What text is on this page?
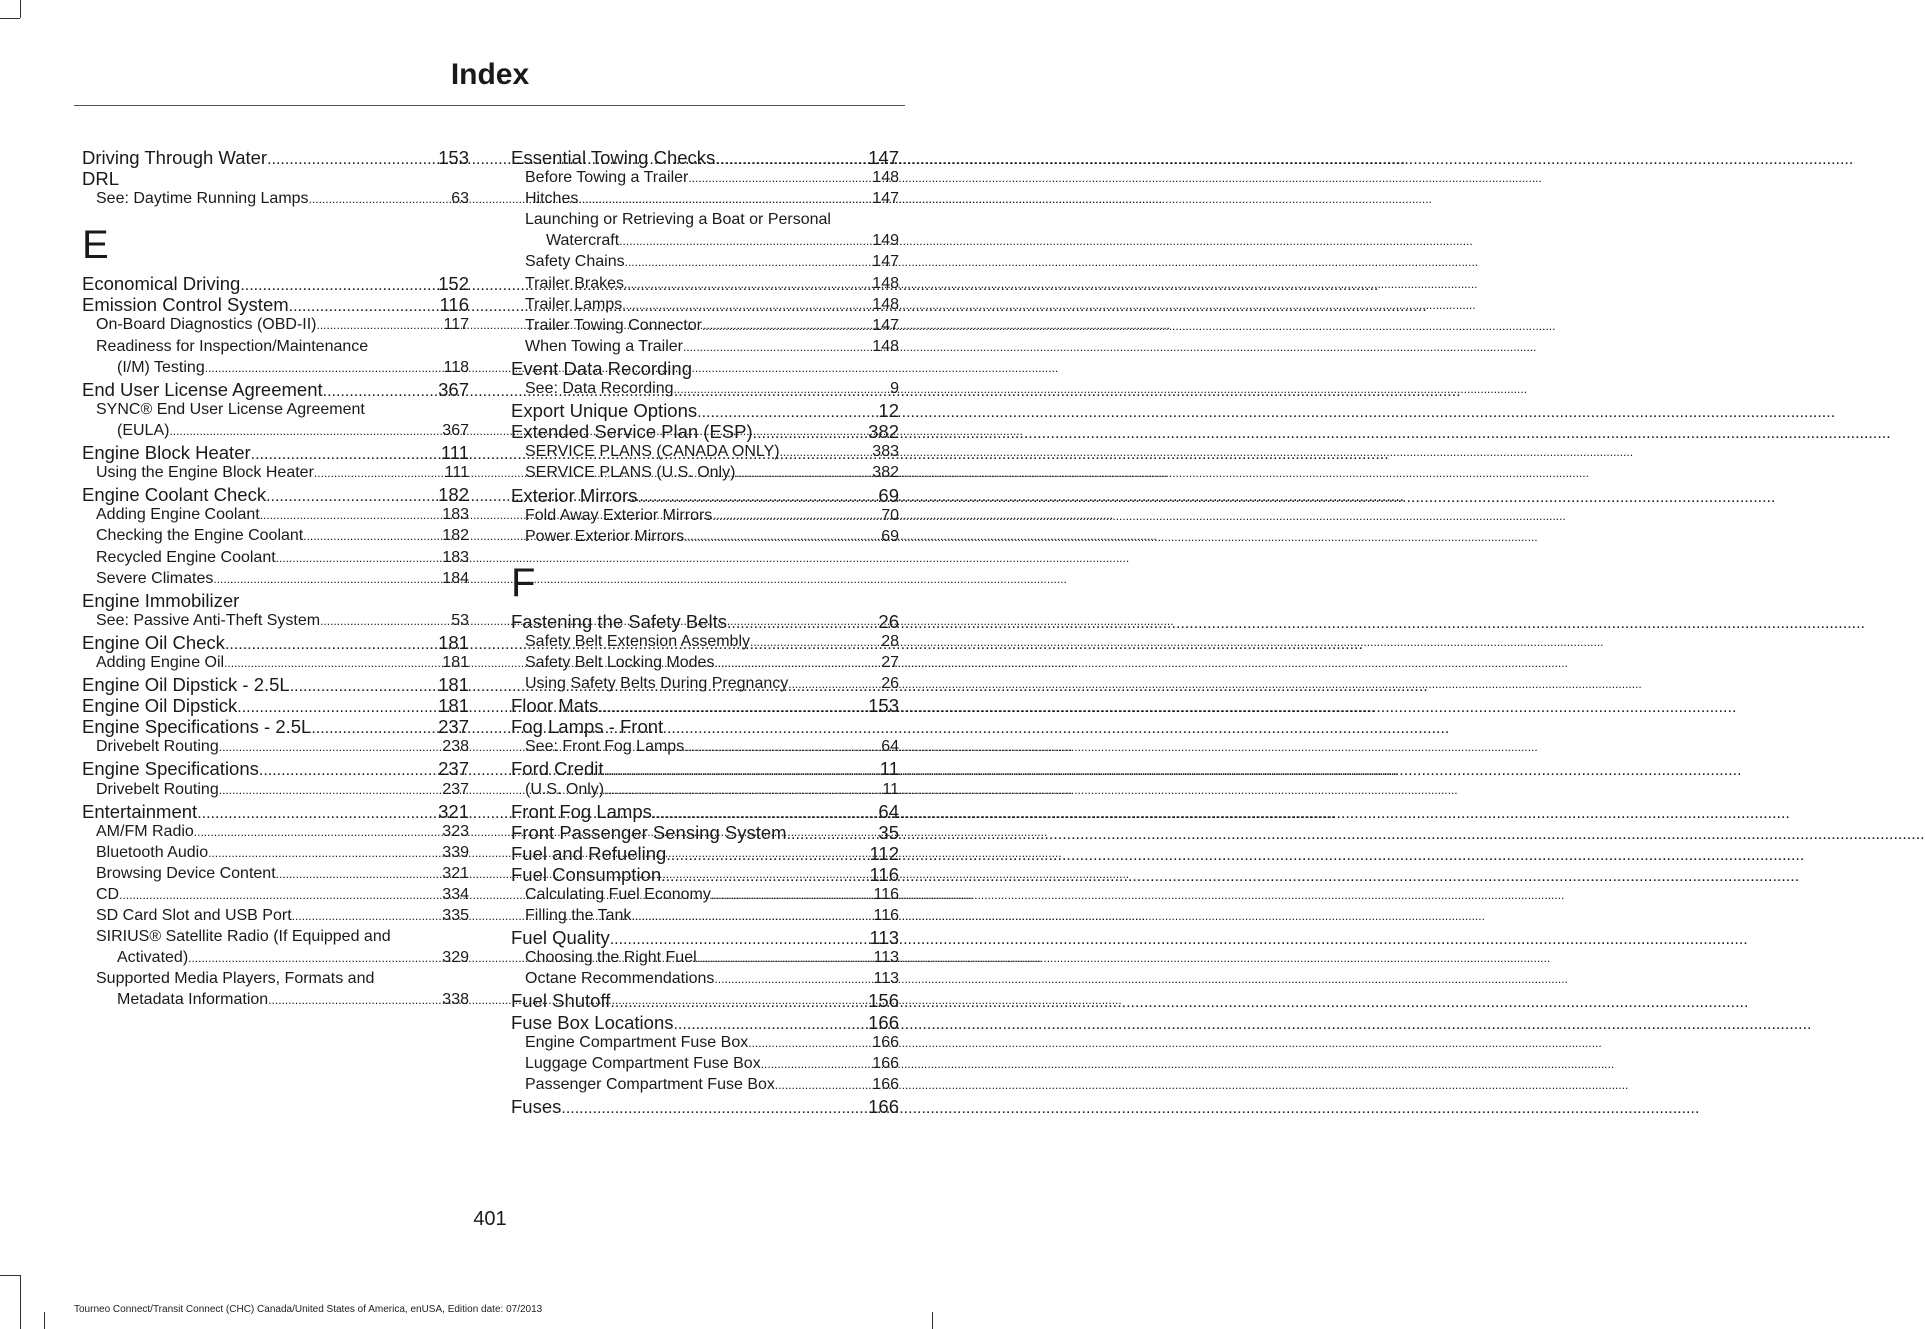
Index
Driving Through Water .....	153
DRL
See: Daytime Running Lamps .....	63
E
Economical Driving .....	152
Emission Control System .....	116
On-Board Diagnostics (OBD-II) .....	117
Readiness for Inspection/Maintenance
(I/M) Testing .....	118
End User License Agreement .....	367
SYNC® End User License Agreement
(EULA) .....	367
Engine Block Heater .....	111
Using the Engine Block Heater .....	111
Engine Coolant Check .....	182
Adding Engine Coolant .....	183
Checking the Engine Coolant .....	182
Recycled Engine Coolant .....	183
Severe Climates .....	184
Engine Immobilizer
See: Passive Anti-Theft System .....	53
Engine Oil Check .....	181
Adding Engine Oil .....	181
Engine Oil Dipstick - 2.5L .....	181
Engine Oil Dipstick .....	181
Engine Specifications - 2.5L .....	237
Drivebelt Routing .....	238
Engine Specifications .....	237
Drivebelt Routing .....	237
Entertainment .....	321
AM/FM Radio .....	323
Bluetooth Audio .....	339
Browsing Device Content .....	321
CD .....	334
SD Card Slot and USB Port .....	335
SIRIUS® Satellite Radio (If Equipped and
Activated) .....	329
Supported Media Players, Formats and
Metadata Information .....	338
Essential Towing Checks .....	147
Before Towing a Trailer .....	148
Hitches .....	147
Launching or Retrieving a Boat or Personal
Watercraft .....	149
Safety Chains .....	147
Trailer Brakes .....	148
Trailer Lamps .....	148
Trailer Towing Connector .....	147
When Towing a Trailer .....	148
Event Data Recording
See: Data Recording .....	9
Export Unique Options .....	12
Extended Service Plan (ESP) .....	382
SERVICE PLANS (CANADA ONLY) .....	383
SERVICE PLANS (U.S. Only) .....	382
Exterior Mirrors .....	69
Fold Away Exterior Mirrors .....	70
Power Exterior Mirrors .....	69
F
Fastening the Safety Belts .....	26
Safety Belt Extension Assembly .....	28
Safety Belt Locking Modes .....	27
Using Safety Belts During Pregnancy .....	26
Floor Mats .....	153
Fog Lamps - Front
See: Front Fog Lamps .....	64
Ford Credit .....	11
(U.S. Only) .....	11
Front Fog Lamps .....	64
Front Passenger Sensing System .....	35
Fuel and Refueling .....	112
Fuel Consumption .....	116
Calculating Fuel Economy .....	116
Filling the Tank .....	116
Fuel Quality .....	113
Choosing the Right Fuel .....	113
Octane Recommendations .....	113
Fuel Shutoff .....	156
Fuse Box Locations .....	166
Engine Compartment Fuse Box .....	166
Luggage Compartment Fuse Box .....	166
Passenger Compartment Fuse Box .....	166
Fuses .....	166
401
Tourneo Connect/Transit Connect (CHC) Canada/United States of America, enUSA, Edition date: 07/2013
